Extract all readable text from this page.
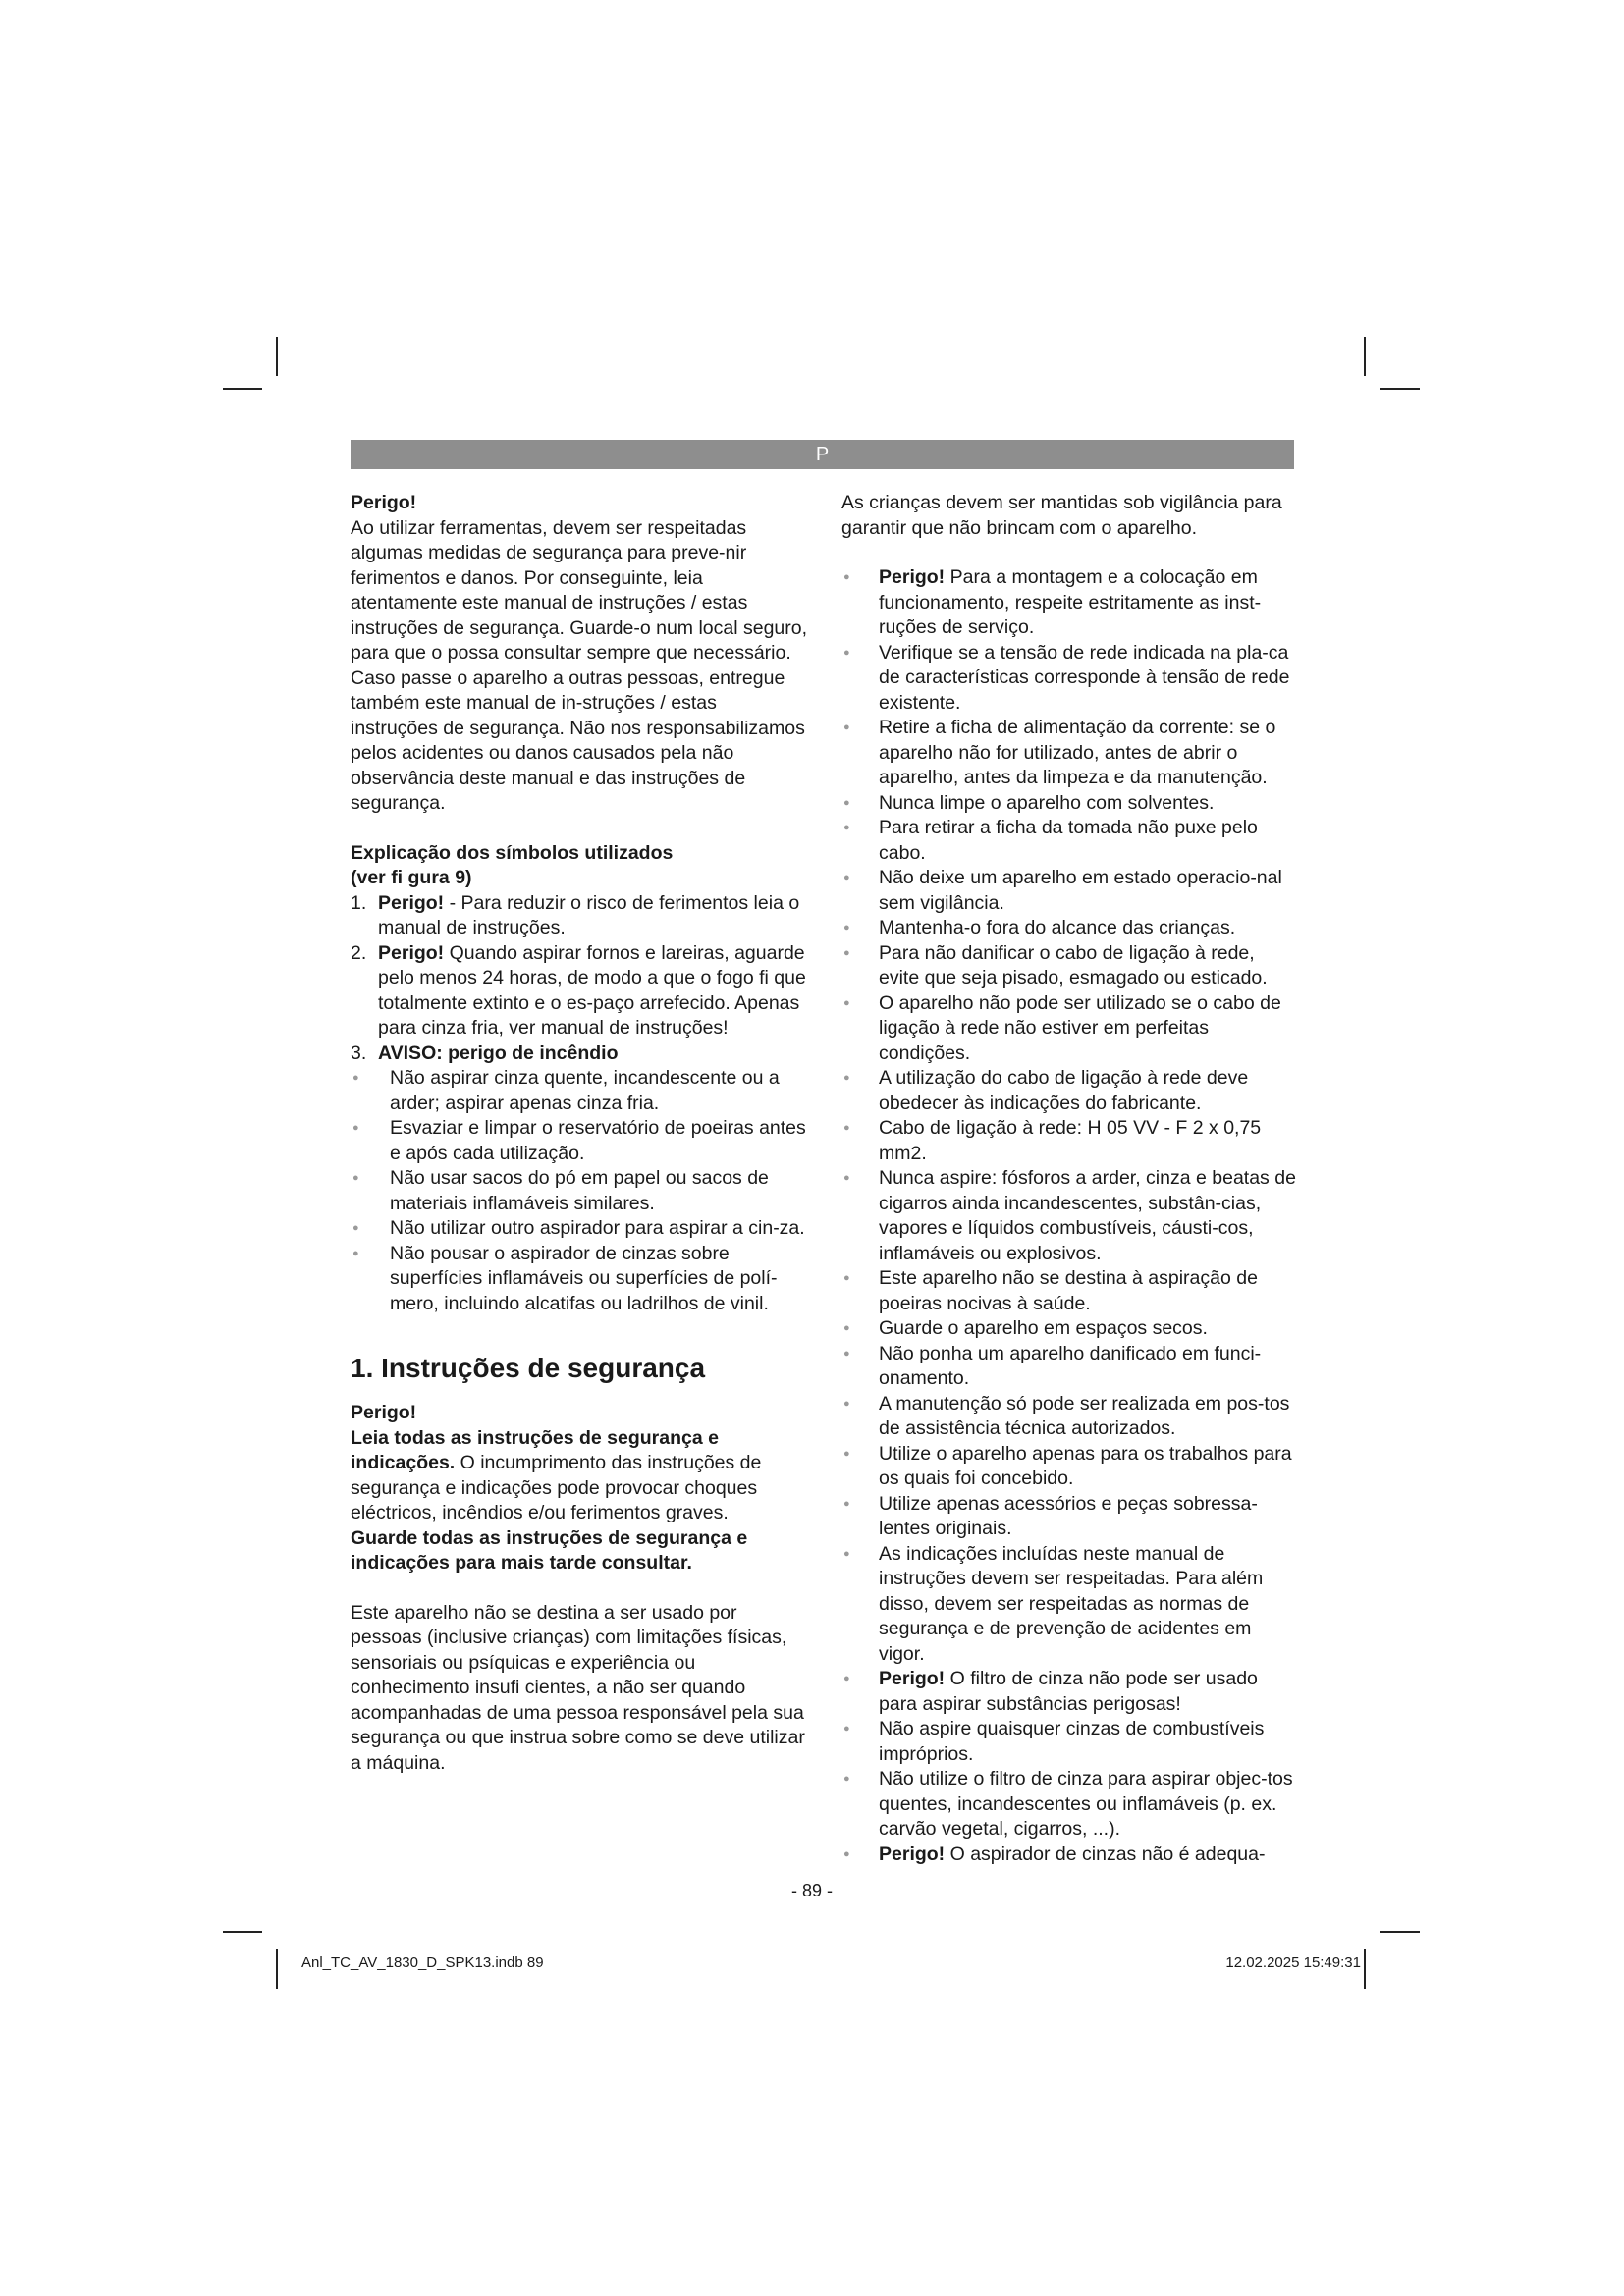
P

Perigo!

Ao utilizar ferramentas, devem ser respeitadas algumas medidas de segurança para preve-nir ferimentos e danos. Por conseguinte, leia atentamente este manual de instruções / estas instruções de segurança. Guarde-o num local seguro, para que o possa consultar sempre que necessário. Caso passe o aparelho a outras pessoas, entregue também este manual de in-struções / estas instruções de segurança. Não nos responsabilizamos pelos acidentes ou danos causados pela não observância deste manual e das instruções de segurança.

Explicação dos símbolos utilizados

(ver fi gura 9)

1. Perigo! - Para reduzir o risco de ferimentos leia o manual de instruções.
2. Perigo! Quando aspirar fornos e lareiras, aguarde pelo menos 24 horas, de modo a que o fogo fi que totalmente extinto e o es-paço arrefecido. Apenas para cinza fria, ver manual de instruções!
3. AVISO: perigo de incêndio
● Não aspirar cinza quente, incandescente ou a arder; aspirar apenas cinza fria.
● Esvaziar e limpar o reservatório de poeiras antes e após cada utilização.
● Não usar sacos do pó em papel ou sacos de materiais inflamáveis similares.
● Não utilizar outro aspirador para aspirar a cin-za.
● Não pousar o aspirador de cinzas sobre superfícies inflamáveis ou superfícies de polí-mero, incluindo alcatifas ou ladrilhos de vinil.

1. Instruções de segurança

Perigo!

Leia todas as instruções de segurança e indicações. O incumprimento das instruções de segurança e indicações pode provocar choques eléctricos, incêndios e/ou ferimentos graves.

Guarde todas as instruções de segurança e indicações para mais tarde consultar.

Este aparelho não se destina a ser usado por pessoas (inclusive crianças) com limitações físicas, sensoriais ou psíquicas e experiência ou conhecimento insufi cientes, a não ser quando acompanhadas de uma pessoa responsável pela sua segurança ou que instrua sobre como se deve utilizar a máquina.

As crianças devem ser mantidas sob vigilância para garantir que não brincam com o aparelho.

● Perigo! Para a montagem e a colocação em funcionamento, respeite estritamente as inst-ruções de serviço.
● Verifique se a tensão de rede indicada na pla-ca de características corresponde à tensão de rede existente.
● Retire a ficha de alimentação da corrente: se o aparelho não for utilizado, antes de abrir o aparelho, antes da limpeza e da manutenção.
● Nunca limpe o aparelho com solventes.
● Para retirar a ficha da tomada não puxe pelo cabo.
● Não deixe um aparelho em estado operacio-nal sem vigilância.
● Mantenha-o fora do alcance das crianças.
● Para não danificar o cabo de ligação à rede, evite que seja pisado, esmagado ou esticado.
● O aparelho não pode ser utilizado se o cabo de ligação à rede não estiver em perfeitas condições.
● A utilização do cabo de ligação à rede deve obedecer às indicações do fabricante.
● Cabo de ligação à rede: H 05 VV - F 2 x 0,75 mm2.
● Nunca aspire: fósforos a arder, cinza e beatas de cigarros ainda incandescentes, substân-cias, vapores e líquidos combustíveis, cáusti-cos, inflamáveis ou explosivos.
● Este aparelho não se destina à aspiração de poeiras nocivas à saúde.
● Guarde o aparelho em espaços secos.
● Não ponha um aparelho danificado em funci-onamento.
● A manutenção só pode ser realizada em pos-tos de assistência técnica autorizados.
● Utilize o aparelho apenas para os trabalhos para os quais foi concebido.
● Utilize apenas acessórios e peças sobressa-lentes originais.
● As indicações incluídas neste manual de instruções devem ser respeitadas. Para além disso, devem ser respeitadas as normas de segurança e de prevenção de acidentes em vigor.
● Perigo! O filtro de cinza não pode ser usado para aspirar substâncias perigosas!
● Não aspire quaisquer cinzas de combustíveis impróprios.
● Não utilize o filtro de cinza para aspirar objec-tos quentes, incandescentes ou inflamáveis (p. ex. carvão vegetal, cigarros, ...).
● Perigo! O aspirador de cinzas não é adequa-
- 89 -
Anl_TC_AV_1830_D_SPK13.indb 89	12.02.2025 15:49:31
